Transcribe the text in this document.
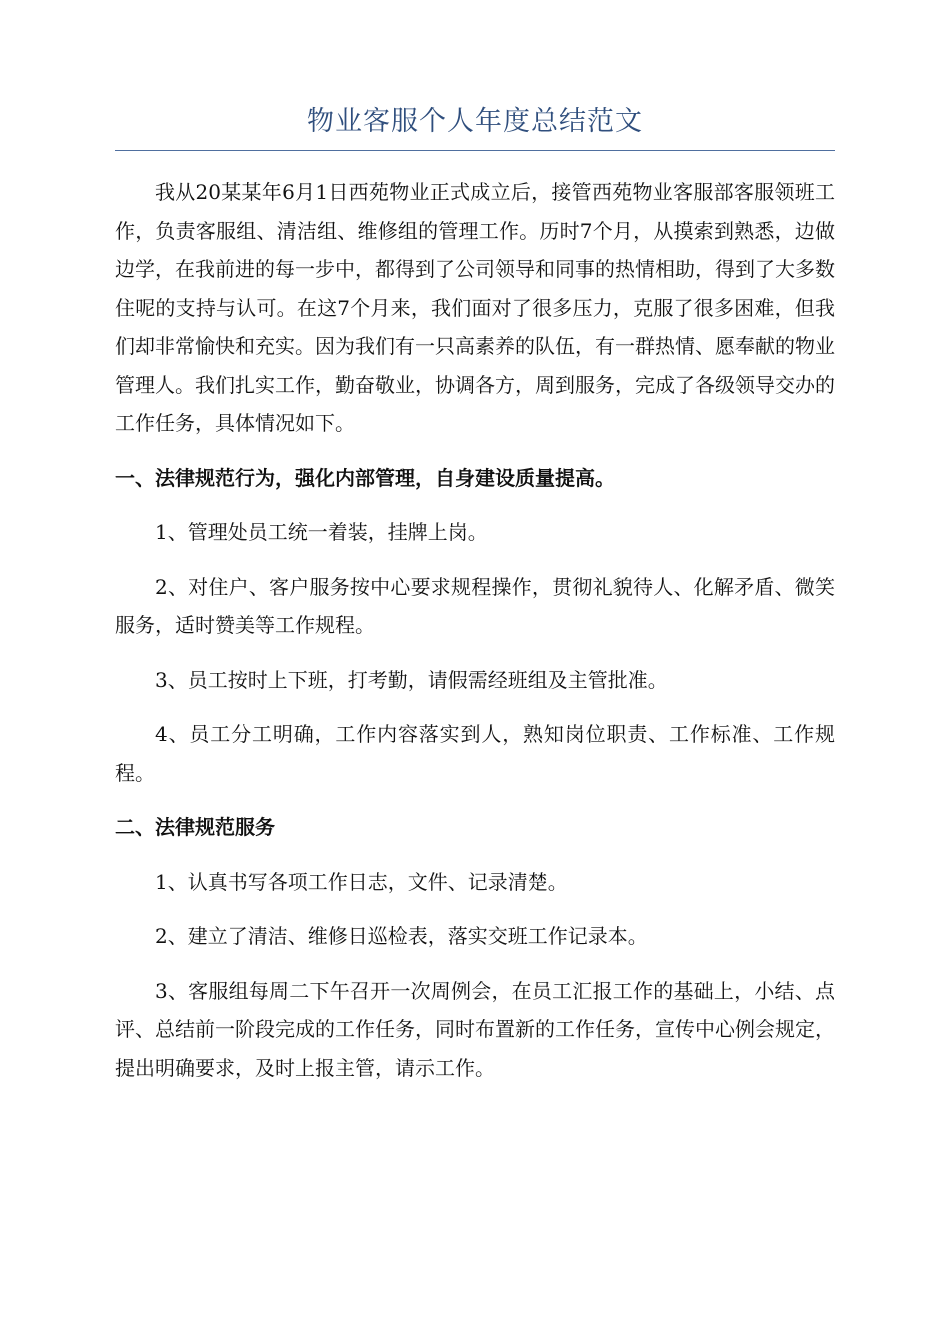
物业客服个人年度总结范文

我从20某某年6月1日西苑物业正式成立后，接管西苑物业客服部客服领班工作，负责客服组、清洁组、维修组的管理工作。历时7个月，从摸索到熟悉，边做边学，在我前进的每一步中，都得到了公司领导和同事的热情相助，得到了大多数住呢的支持与认可。在这7个月来，我们面对了很多压力，克服了很多困难，但我们却非常愉快和充实。因为我们有一只高素养的队伍，有一群热情、愿奉献的物业管理人。我们扎实工作，勤奋敬业，协调各方，周到服务，完成了各级领导交办的工作任务，具体情况如下。

一、法律规范行为，强化内部管理，自身建设质量提高。

1、管理处员工统一着装，挂牌上岗。

2、对住户、客户服务按中心要求规程操作，贯彻礼貌待人、化解矛盾、微笑服务，适时赞美等工作规程。

3、员工按时上下班，打考勤，请假需经班组及主管批准。

4、员工分工明确，工作内容落实到人，熟知岗位职责、工作标准、工作规程。

二、法律规范服务

1、认真书写各项工作日志，文件、记录清楚。

2、建立了清洁、维修日巡检表，落实交班工作记录本。

3、客服组每周二下午召开一次周例会，在员工汇报工作的基础上，小结、点评、总结前一阶段完成的工作任务，同时布置新的工作任务，宣传中心例会规定，提出明确要求，及时上报主管，请示工作。
